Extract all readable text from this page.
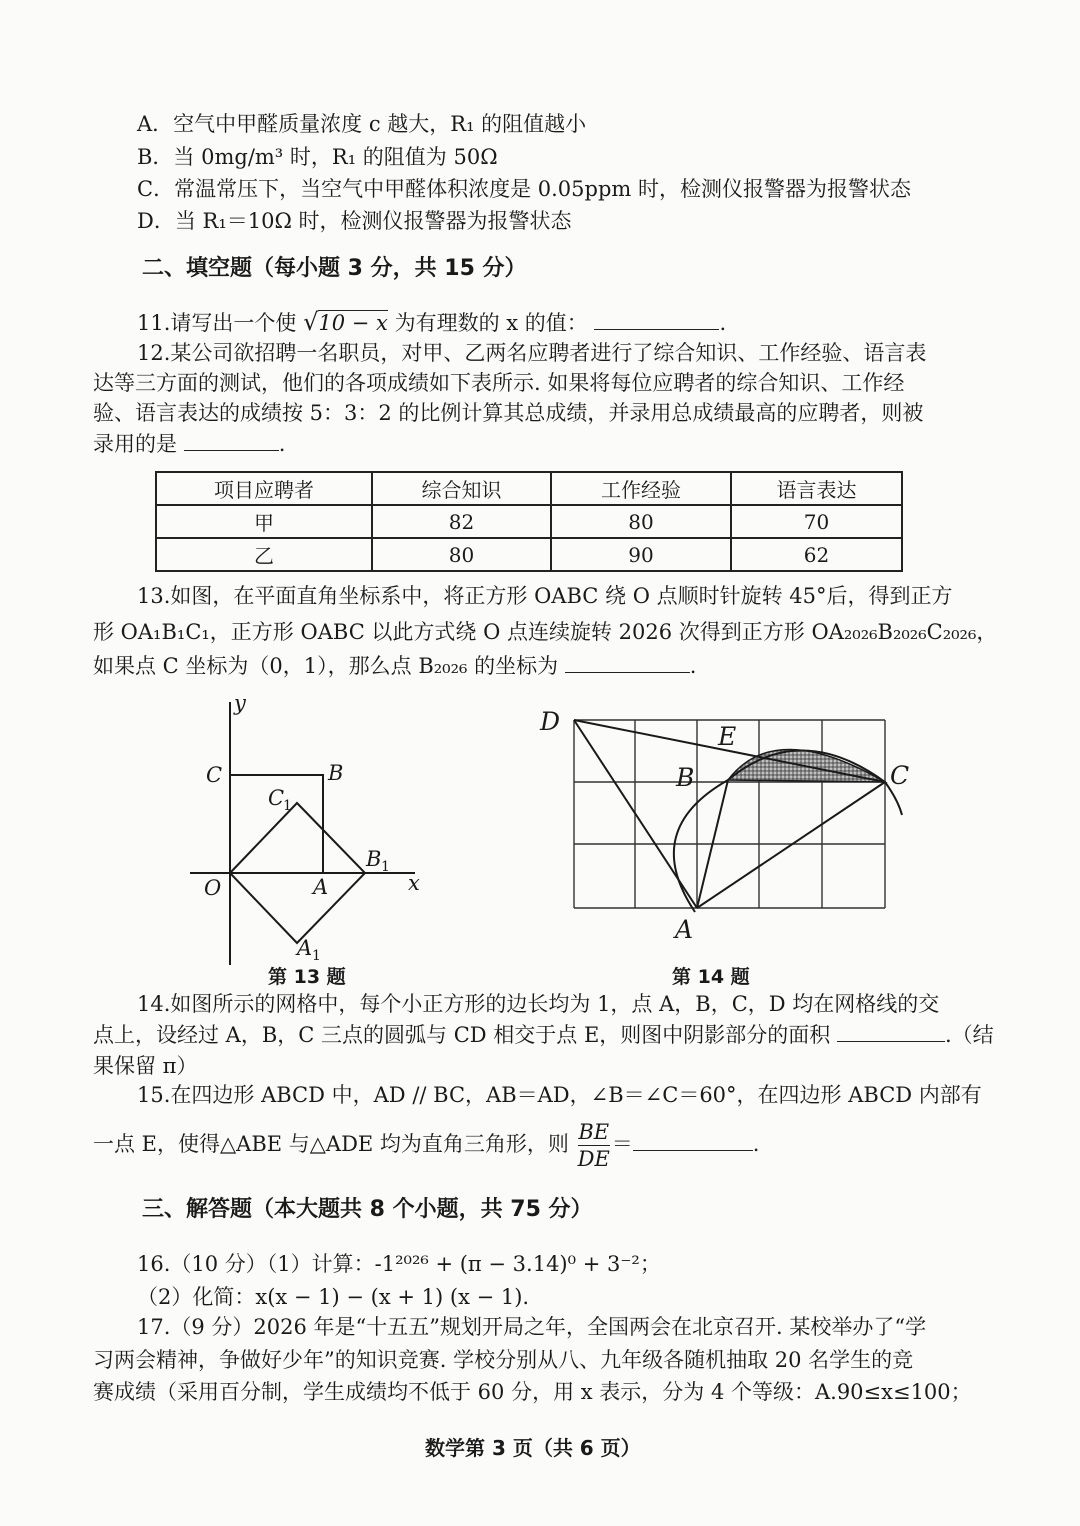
A．空气中甲醛质量浓度 c 越大，R₁ 的阻值越小
B．当 0mg/m³ 时，R₁ 的阻值为 50Ω
C．常温常压下，当空气中甲醛体积浓度是 0.05ppm 时，检测仪报警器为报警状态
D．当 R₁＝10Ω 时，检测仪报警器为报警状态
二、填空题（每小题 3 分，共 15 分）
11.请写出一个使 √10 − x 为有理数的 x 的值：	.
12.某公司欲招聘一名职员，对甲、乙两名应聘者进行了综合知识、工作经验、语言表
达等三方面的测试，他们的各项成绩如下表所示. 如果将每位应聘者的综合知识、工作经
验、语言表达的成绩按 5：3：2 的比例计算其总成绩，并录用总成绩最高的应聘者，则被
录用的是	.
项目应聘者	综合知识	工作经验	语言表达
甲	82	80	70
乙	80	90	62
13.如图，在平面直角坐标系中，将正方形 OABC 绕 O 点顺时针旋转 45°后，得到正方
形 OA₁B₁C₁，正方形 OABC 以此方式绕 O 点连续旋转 2026 次得到正方形 OA₂₀₂₆B₂₀₂₆C₂₀₂₆，
如果点 C 坐标为（0，1），那么点 B₂₀₂₆ 的坐标为	.
y
C	B
C
1
B 1
O	A	x
A 1
第 13 题
D
E
B	C
A
第 14 题
14.如图所示的网格中，每个小正方形的边长均为 1，点 A，B，C，D 均在网格线的交
点上，设经过 A，B，C 三点的圆弧与 CD 相交于点 E，则图中阴影部分的面积	.（结
果保留 π）
15.在四边形 ABCD 中，AD // BC，AB＝AD，∠B＝∠C＝60°，在四边形 ABCD 内部有
一点 E，使得△ABE 与△ADE 均为直角三角形，则 $\frac{BE}{DE}$ ＝	.
三、解答题（本大题共 8 个小题，共 75 分）
16.（10 分）（1）计算：-1²⁰²⁶ + (π − 3.14)⁰ + 3⁻²；
（2）化简：x(x − 1) − (x + 1) (x − 1).
17.（9 分）2026 年是“十五五”规划开局之年，全国两会在北京召开. 某校举办了“学
习两会精神，争做好少年”的知识竞赛. 学校分别从八、九年级各随机抽取 20 名学生的竞
赛成绩（采用百分制，学生成绩均不低于 60 分，用 x 表示，分为 4 个等级：A.90≤x≤100；
数学第 3 页（共 6 页）
